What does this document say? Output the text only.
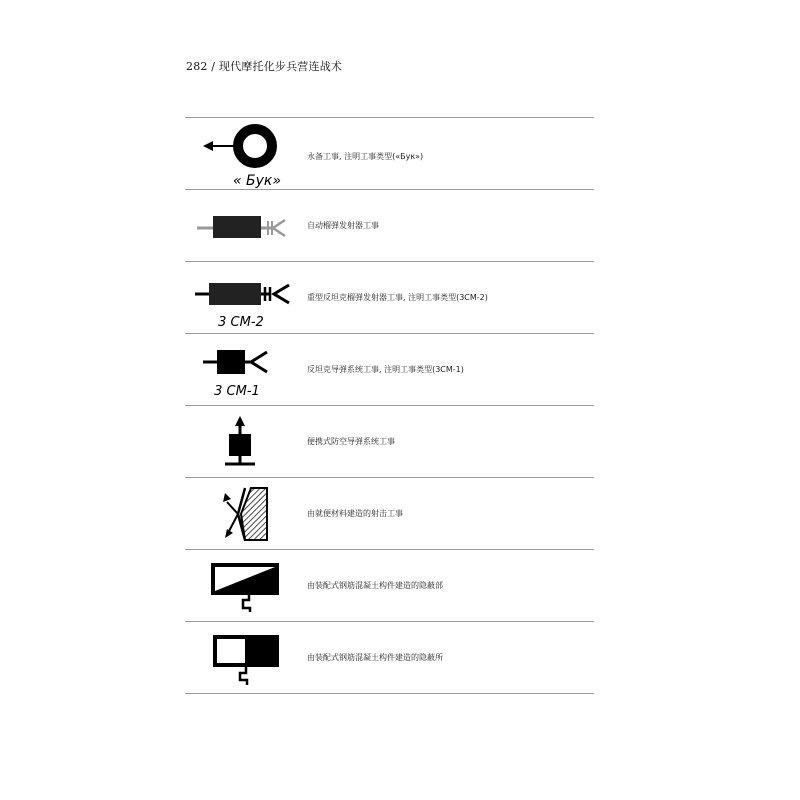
282 / 现代摩托化步兵营连战术
« Бук»
永备工事, 注明工事类型(«Бук»)
自动榴弹发射器工事
3 СМ-2
重型反坦克榴弹发射器工事, 注明工事类型(3СМ-2)
3 СМ-1
反坦克导弹系统工事, 注明工事类型(3СМ-1)
便携式防空导弹系统工事
由就便材料建造的射击工事
由装配式钢筋混凝土构件建造的隐蔽部
由装配式钢筋混凝土构件建造的隐蔽所
